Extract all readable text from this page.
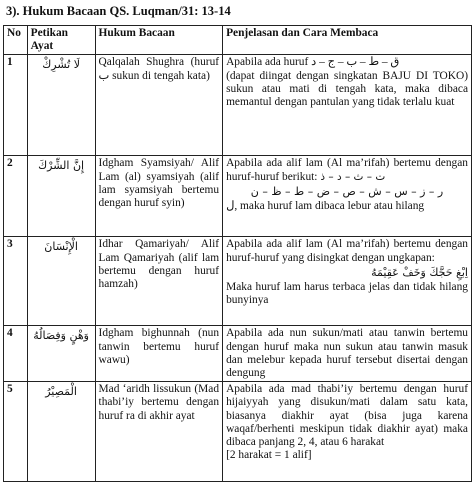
3). Hukum Bacaan QS. Luqman/31: 13-14
No	Petikan Ayat	Hukum Bacaan	Penjelasan dan Cara Membaca
1	لَا تُشْرِكْ	Qalqalah Shughra (huruf ب sukun di tengah kata)	Apabila ada huruf ق – ط – ب – ج – د

(dapat diingat dengan singkatan BAJU DI TOKO) sukun atau mati di tengah kata, maka dibaca memantul dengan pantulan yang tidak terlalu kuat

2	إِنَّ الشِّرْكَ	Idgham Syamsiyah/ Alif Lam (al) syamsiyah (alif lam syamsiyah bertemu dengan huruf syin)	Apabila ada alif lam (Al ma’rifah) bertemu dengan huruf-huruf berikut: ت – ث – د – ذ

ر – ز – س – ش – ص – ض – ط – ظ – ن

ل, maka huruf lam dibaca lebur atau hilang

3	الْإِنْسَانَ	Idhar Qamariyah/ Alif Lam Qamariyah (alif lam bertemu dengan huruf hamzah)	Apabila ada alif lam (Al ma’rifah) bertemu dengan huruf-huruf yang disingkat dengan ungkapan:

اِبْغِ حَجَّكَ وَخَفْ عَقِيْمَهُ

Maka huruf lam harus terbaca jelas dan tidak hilang bunyinya

4	وَهْنٍ وَفِصَالُهُ	Idgham bighunnah (nun tanwin bertemu huruf wawu)	Apabila ada nun sukun/mati atau tanwin bertemu dengan huruf maka nun sukun atau tanwin masuk dan melebur kepada huruf tersebut disertai dengan dengung

5	الْمَصِيْرُ	Mad ‘aridh lissukun (Mad thabi’iy bertemu dengan huruf ra di akhir ayat	Apabila ada mad thabi’iy bertemu dengan huruf hijaiyyah yang disukun/mati dalam satu kata, biasanya diakhir ayat (bisa juga karena waqaf/berhenti meskipun tidak diakhir ayat) maka dibaca panjang 2, 4, atau 6 harakat

[2 harakat = 1 alif]
